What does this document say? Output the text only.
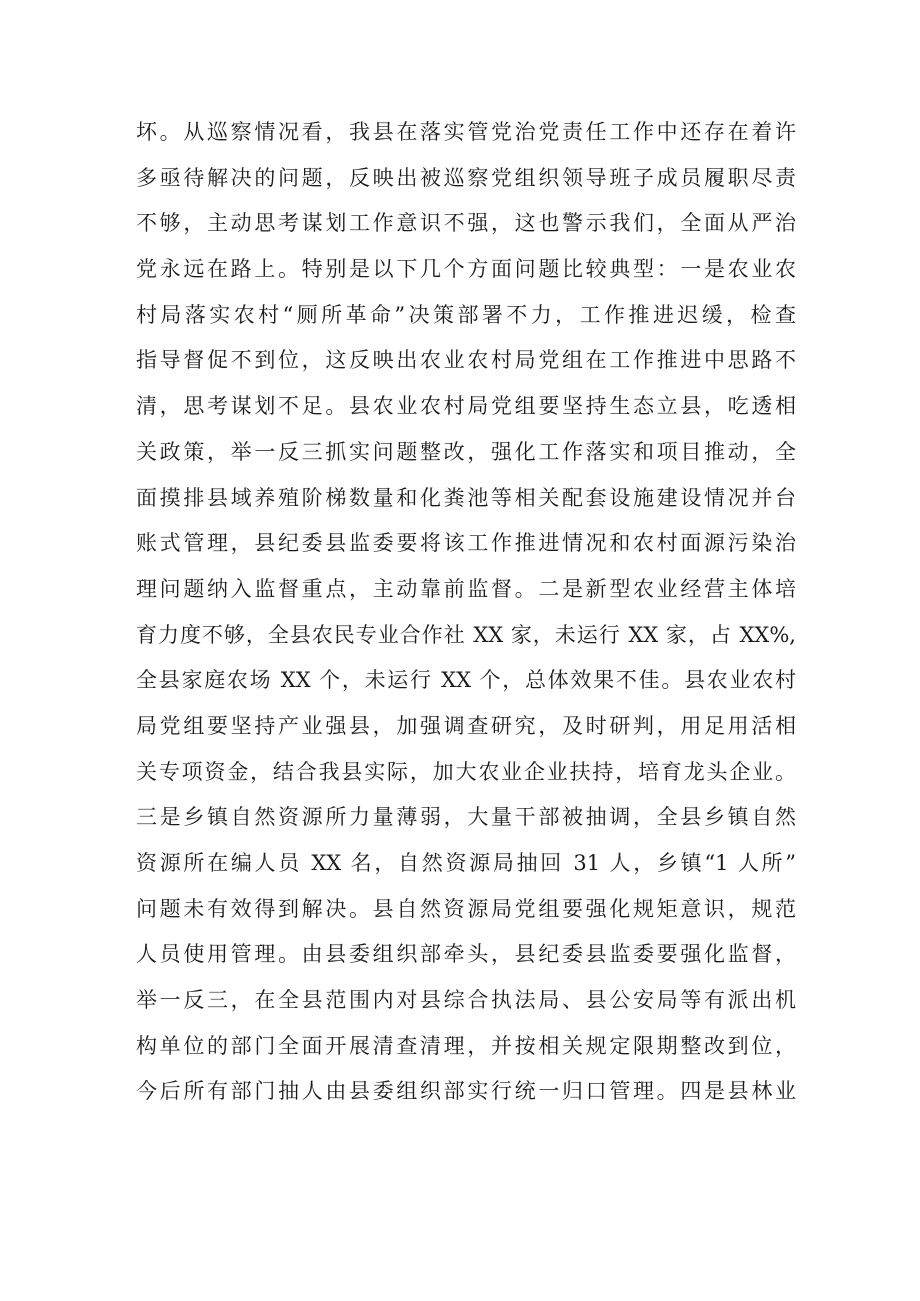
坏。从巡察情况看，我县在落实管党治党责任工作中还存在着许
多亟待解决的问题，反映出被巡察党组织领导班子成员履职尽责
不够，主动思考谋划工作意识不强，这也警示我们，全面从严治
党永远在路上。特别是以下几个方面问题比较典型：一是农业农
村局落实农村“厕所革命”决策部署不力，工作推进迟缓，检查
指导督促不到位，这反映出农业农村局党组在工作推进中思路不
清，思考谋划不足。县农业农村局党组要坚持生态立县，吃透相
关政策，举一反三抓实问题整改，强化工作落实和项目推动，全
面摸排县域养殖阶梯数量和化粪池等相关配套设施建设情况并台
账式管理，县纪委县监委要将该工作推进情况和农村面源污染治
理问题纳入监督重点，主动靠前监督。二是新型农业经营主体培
育力度不够，全县农民专业合作社 XX 家，未运行 XX 家，占 XX%,
全县家庭农场 XX 个，未运行 XX 个，总体效果不佳。县农业农村
局党组要坚持产业强县，加强调查研究，及时研判，用足用活相
关专项资金，结合我县实际，加大农业企业扶持，培育龙头企业。
三是乡镇自然资源所力量薄弱，大量干部被抽调，全县乡镇自然
资源所在编人员 XX 名，自然资源局抽回 31 人，乡镇“1 人所”
问题未有效得到解决。县自然资源局党组要强化规矩意识，规范
人员使用管理。由县委组织部牵头，县纪委县监委要强化监督，
举一反三，在全县范围内对县综合执法局、县公安局等有派出机
构单位的部门全面开展清查清理，并按相关规定限期整改到位，
今后所有部门抽人由县委组织部实行统一归口管理。四是县林业
